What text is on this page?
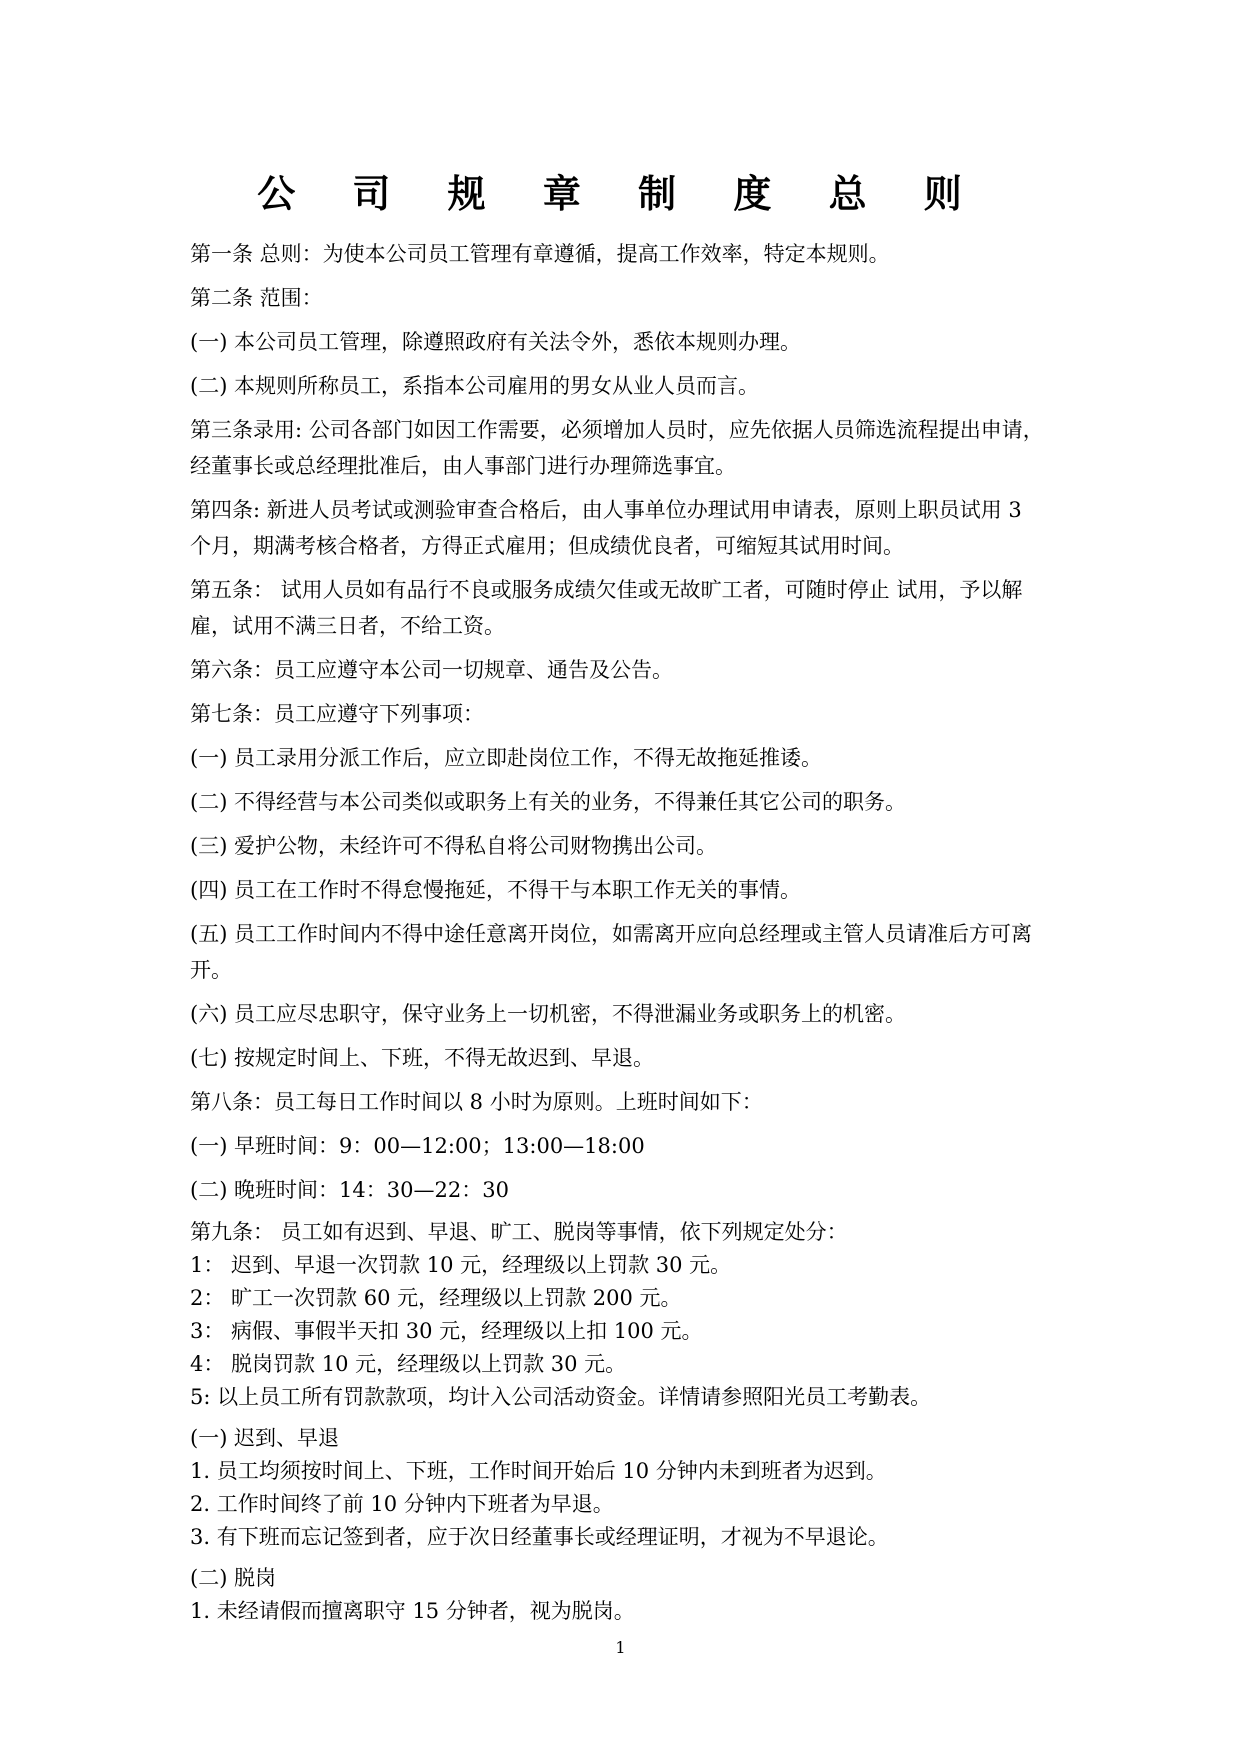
公 司 规 章 制 度 总 则

第一条 总则：为使本公司员工管理有章遵循，提高工作效率，特定本规则。

第二条 范围：

(一) 本公司员工管理，除遵照政府有关法令外，悉依本规则办理。

(二) 本规则所称员工，系指本公司雇用的男女从业人员而言。

第三条录用: 公司各部门如因工作需要，必须增加人员时，应先依据人员筛选流程提出申请，

经董事长或总经理批准后，由人事部门进行办理筛选事宜。

第四条: 新进人员考试或测验审查合格后，由人事单位办理试用申请表，原则上职员试用 3

个月，期满考核合格者，方得正式雇用；但成绩优良者，可缩短其试用时间。

第五条： 试用人员如有品行不良或服务成绩欠佳或无故旷工者，可随时停止 试用，予以解

雇，试用不满三日者，不给工资。

第六条：员工应遵守本公司一切规章、通告及公告。

第七条：员工应遵守下列事项：

(一) 员工录用分派工作后，应立即赴岗位工作，不得无故拖延推诿。

(二) 不得经营与本公司类似或职务上有关的业务，不得兼任其它公司的职务。

(三) 爱护公物，未经许可不得私自将公司财物携出公司。

(四) 员工在工作时不得怠慢拖延，不得干与本职工作无关的事情。

(五) 员工工作时间内不得中途任意离开岗位，如需离开应向总经理或主管人员请准后方可离

开。

(六) 员工应尽忠职守，保守业务上一切机密，不得泄漏业务或职务上的机密。

(七) 按规定时间上、下班，不得无故迟到、早退。

第八条：员工每日工作时间以 8 小时为原则。上班时间如下：

(一) 早班时间：9：00—12:00；13:00—18:00

(二) 晚班时间：14：30—22：30

第九条： 员工如有迟到、早退、旷工、脱岗等事情，依下列规定处分：

1： 迟到、早退一次罚款 10 元，经理级以上罚款 30 元。

2： 旷工一次罚款 60 元，经理级以上罚款 200 元。

3： 病假、事假半天扣 30 元，经理级以上扣 100 元。

4： 脱岗罚款 10 元，经理级以上罚款 30 元。

5: 以上员工所有罚款款项，均计入公司活动资金。详情请参照阳光员工考勤表。

(一) 迟到、早退

1. 员工均须按时间上、下班，工作时间开始后 10 分钟内未到班者为迟到。

2. 工作时间终了前 10 分钟内下班者为早退。

3. 有下班而忘记签到者，应于次日经董事长或经理证明，才视为不早退论。

(二) 脱岗

1. 未经请假而擅离职守 15 分钟者，视为脱岗。

1
